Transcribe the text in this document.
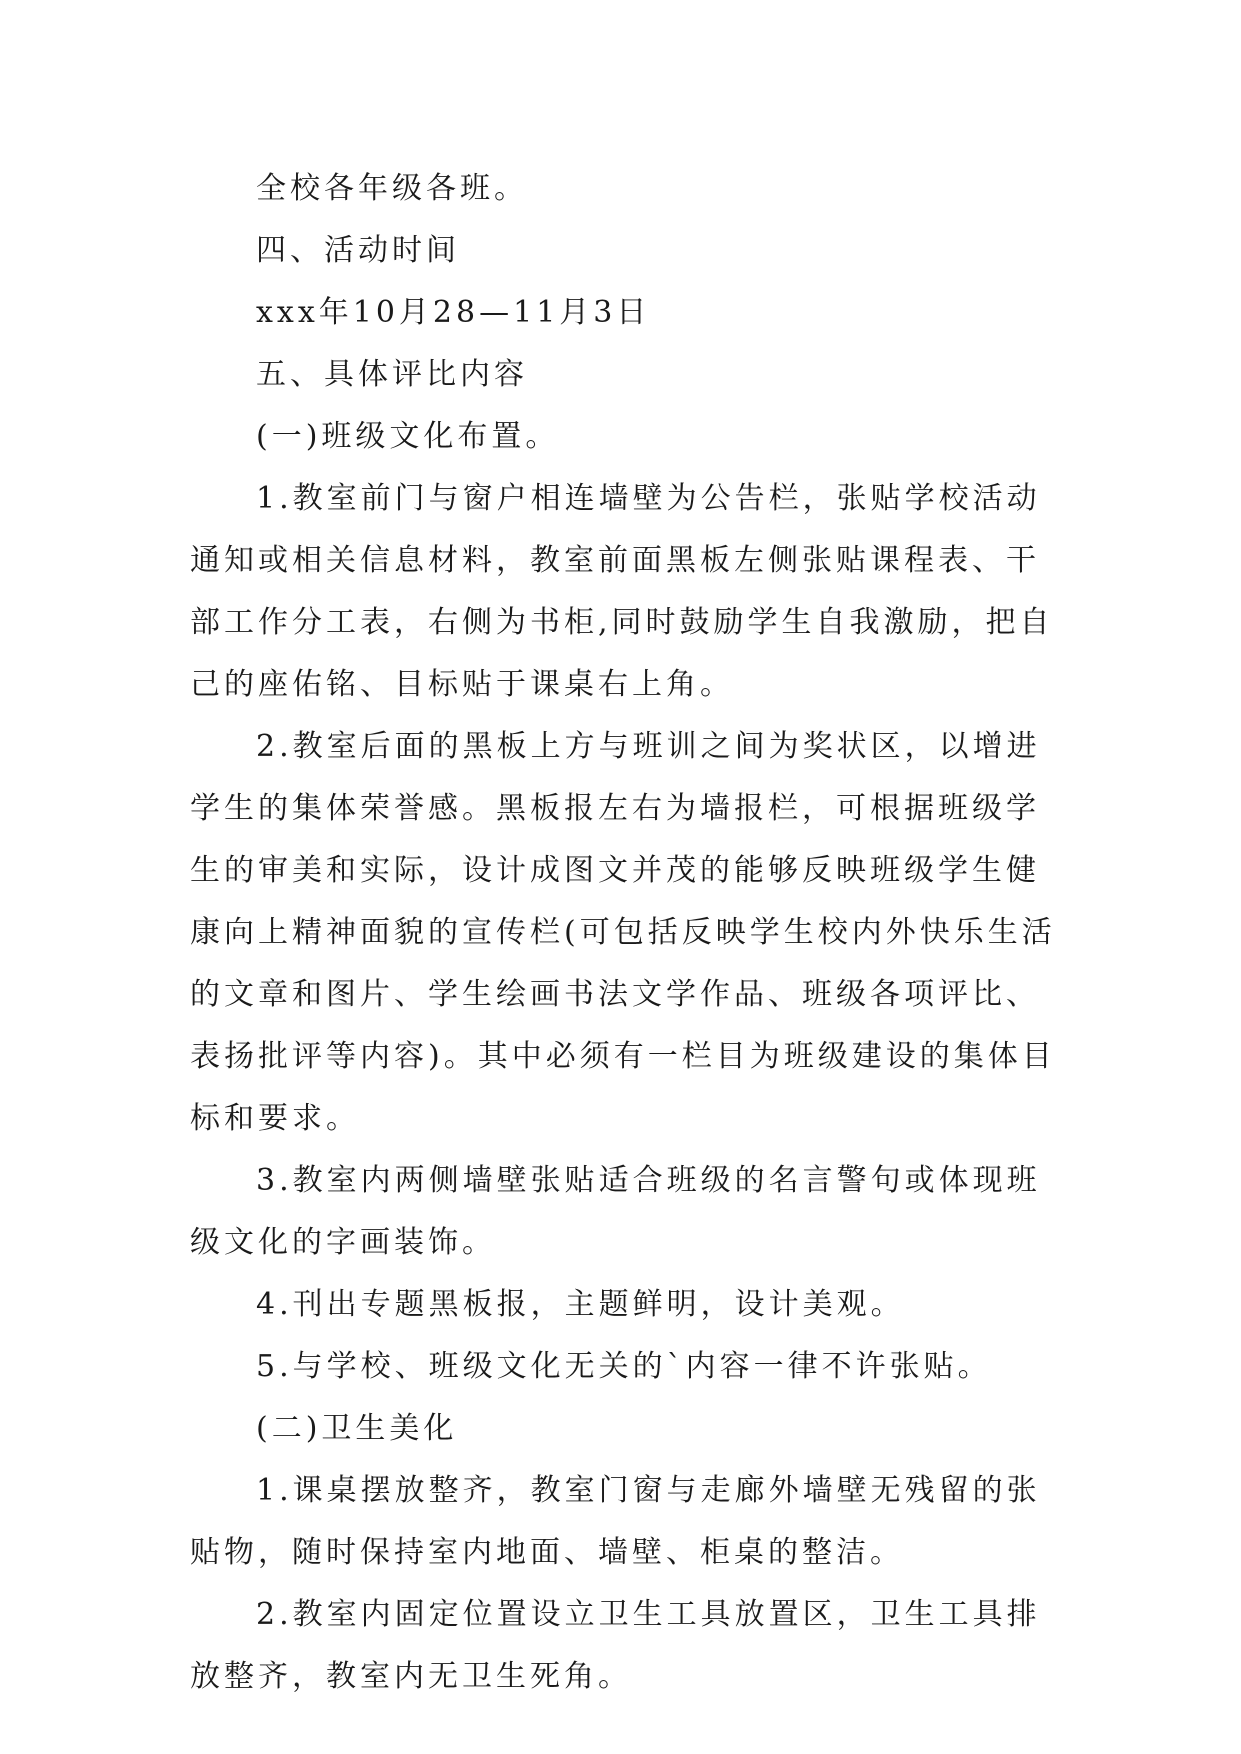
全校各年级各班。

四、活动时间

xxx年10月28—11月3日

五、具体评比内容

(一)班级文化布置。

1.教室前门与窗户相连墙壁为公告栏，张贴学校活动通知或相关信息材料，教室前面黑板左侧张贴课程表、干部工作分工表，右侧为书柜,同时鼓励学生自我激励，把自己的座佑铭、目标贴于课桌右上角。

2.教室后面的黑板上方与班训之间为奖状区，以增进学生的集体荣誉感。黑板报左右为墙报栏，可根据班级学生的审美和实际，设计成图文并茂的能够反映班级学生健康向上精神面貌的宣传栏(可包括反映学生校内外快乐生活的文章和图片、学生绘画书法文学作品、班级各项评比、表扬批评等内容)。其中必须有一栏目为班级建设的集体目标和要求。

3.教室内两侧墙壁张贴适合班级的名言警句或体现班级文化的字画装饰。

4.刊出专题黑板报，主题鲜明，设计美观。

5.与学校、班级文化无关的`内容一律不许张贴。

(二)卫生美化

1.课桌摆放整齐，教室门窗与走廊外墙壁无残留的张贴物，随时保持室内地面、墙壁、柜桌的整洁。

2.教室内固定位置设立卫生工具放置区，卫生工具排放整齐，教室内无卫生死角。
